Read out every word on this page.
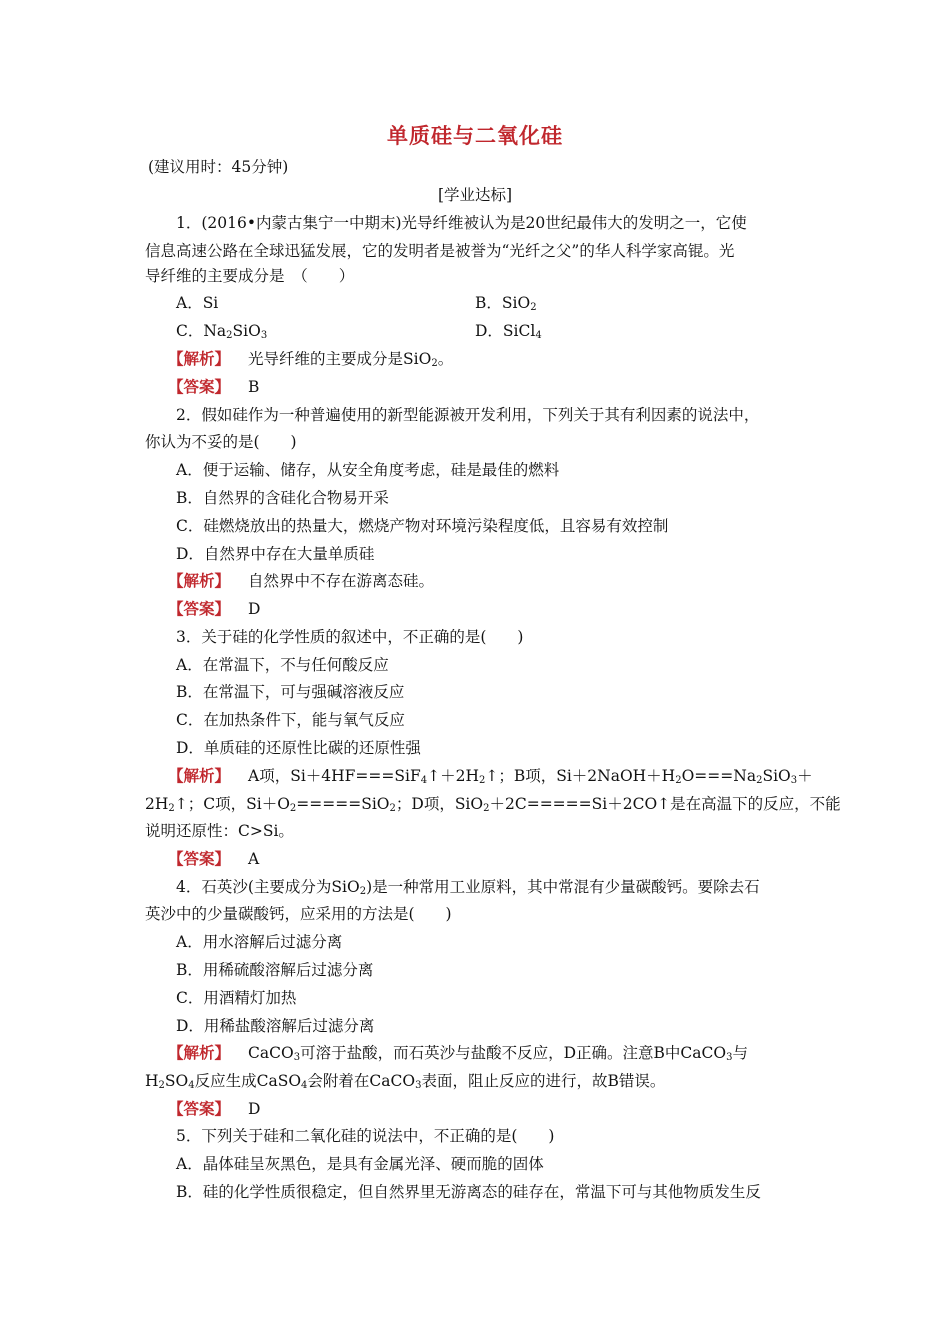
单质硅与二氧化硅
(建议用时：45分钟)
[学业达标]
1．(2016•内蒙古集宁一中期末)光导纤维被认为是20世纪最伟大的发明之一，它使
信息高速公路在全球迅猛发展，它的发明者是被誉为“光纤之父”的华人科学家高锟。光
导纤维的主要成分是　（　　）
A．Si	B．SiO$_2$
C．$Na_2SiO_3$	D．SiCl$_4$
【解析】 光导纤维的主要成分是SiO$_2$。
【答案】 B
2．假如硅作为一种普遍使用的新型能源被开发利用，下列关于其有利因素的说法中，
你认为不妥的是(　　)
A．便于运输、储存，从安全角度考虑，硅是最佳的燃料
B．自然界的含硅化合物易开采
C．硅燃烧放出的热量大，燃烧产物对环境污染程度低，且容易有效控制
D．自然界中存在大量单质硅
【解析】 自然界中不存在游离态硅。
【答案】 D
3．关于硅的化学性质的叙述中，不正确的是(　　)
A．在常温下，不与任何酸反应
B．在常温下，可与强碱溶液反应
C．在加热条件下，能与氧气反应
D．单质硅的还原性比碳的还原性强
【解析】 A项，$Si+4HF===SiF_4↑+2H_2↑$；B项，$Si+2NaOH+H_2O===Na_2SiO_3+$
$2H_2↑$；C项，$Si+O_2=====SiO_2$；D项，SiO$_2$＋2C=====Si＋2CO↑是在高温下的反应，不能
说明还原性：C>Si。
【答案】 A
4．石英沙(主要成分为SiO$_2$)是一种常用工业原料，其中常混有少量碳酸钙。要除去石
英沙中的少量碳酸钙，应采用的方法是(　　)
A．用水溶解后过滤分离
B．用稀硫酸溶解后过滤分离
C．用酒精灯加热
D．用稀盐酸溶解后过滤分离
【解析】 CaCO$_3$可溶于盐酸，而石英沙与盐酸不反应，D正确。注意B中CaCO$_3$与
$H_2SO_4$反应生成CaSO$_4$会附着在CaCO$_3$表面，阻止反应的进行，故B错误。
【答案】 D
5．下列关于硅和二氧化硅的说法中，不正确的是(　　)
A．晶体硅呈灰黑色，是具有金属光泽、硬而脆的固体
B．硅的化学性质很稳定，但自然界里无游离态的硅存在，常温下可与其他物质发生反
